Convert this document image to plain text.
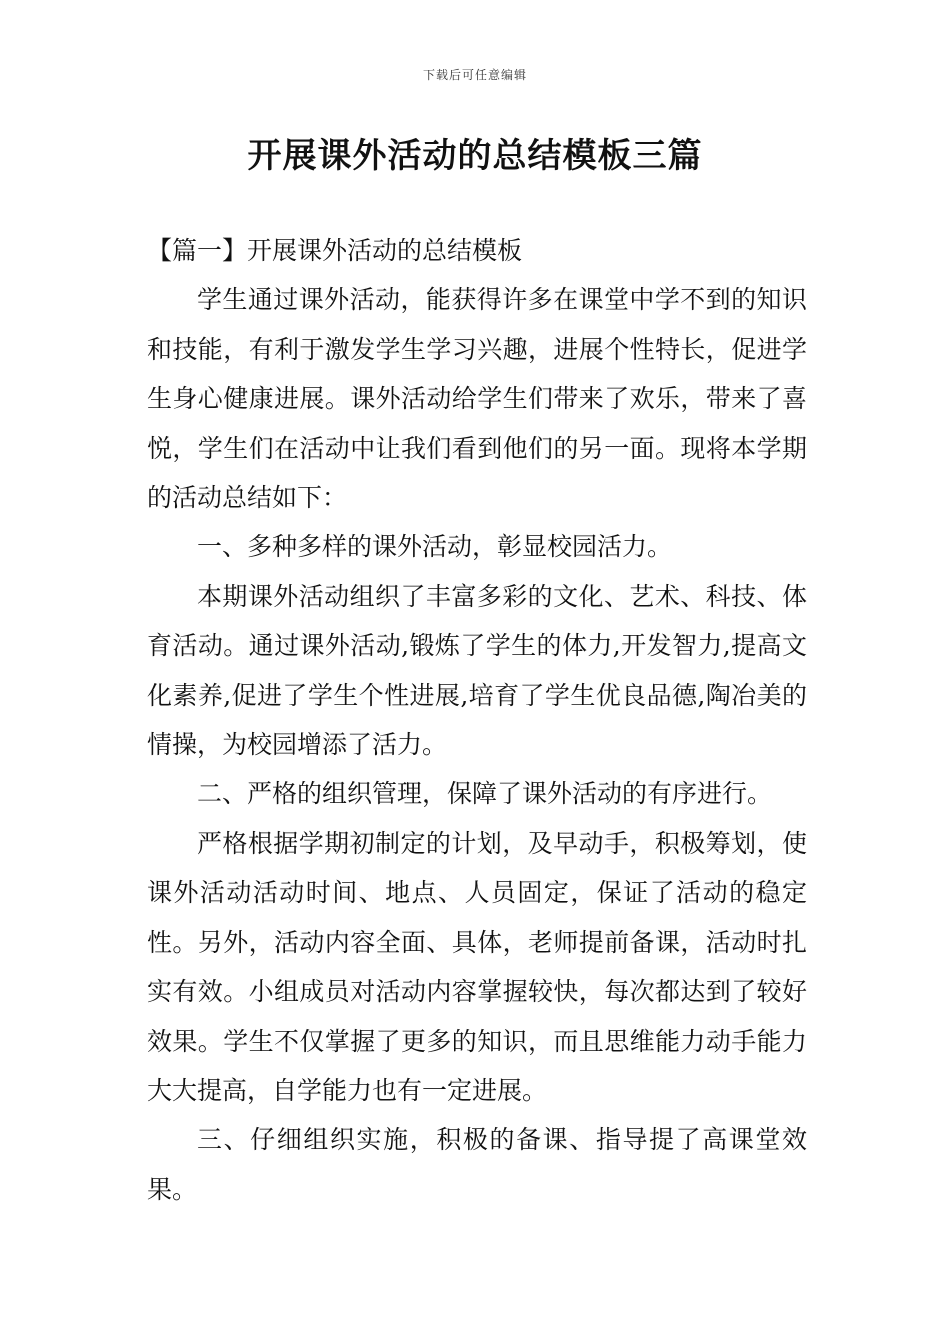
下载后可任意编辑
开展课外活动的总结模板三篇

【篇一】开展课外活动的总结模板

学生通过课外活动，能获得许多在课堂中学不到的知识和技能，有利于激发学生学习兴趣，进展个性特长，促进学生身心健康进展。课外活动给学生们带来了欢乐，带来了喜悦，学生们在活动中让我们看到他们的另一面。现将本学期的活动总结如下：

一、多种多样的课外活动，彰显校园活力。

本期课外活动组织了丰富多彩的文化、艺术、科技、体育活动。通过课外活动,锻炼了学生的体力,开发智力,提高文化素养,促进了学生个性进展,培育了学生优良品德,陶冶美的情操，为校园增添了活力。

二、严格的组织管理，保障了课外活动的有序进行。

严格根据学期初制定的计划，及早动手，积极筹划，使课外活动活动时间、地点、人员固定，保证了活动的稳定性。另外，活动内容全面、具体，老师提前备课，活动时扎实有效。小组成员对活动内容掌握较快，每次都达到了较好效果。学生不仅掌握了更多的知识，而且思维能力动手能力大大提高，自学能力也有一定进展。

三、仔细组织实施，积极的备课、指导提了高课堂效果。
